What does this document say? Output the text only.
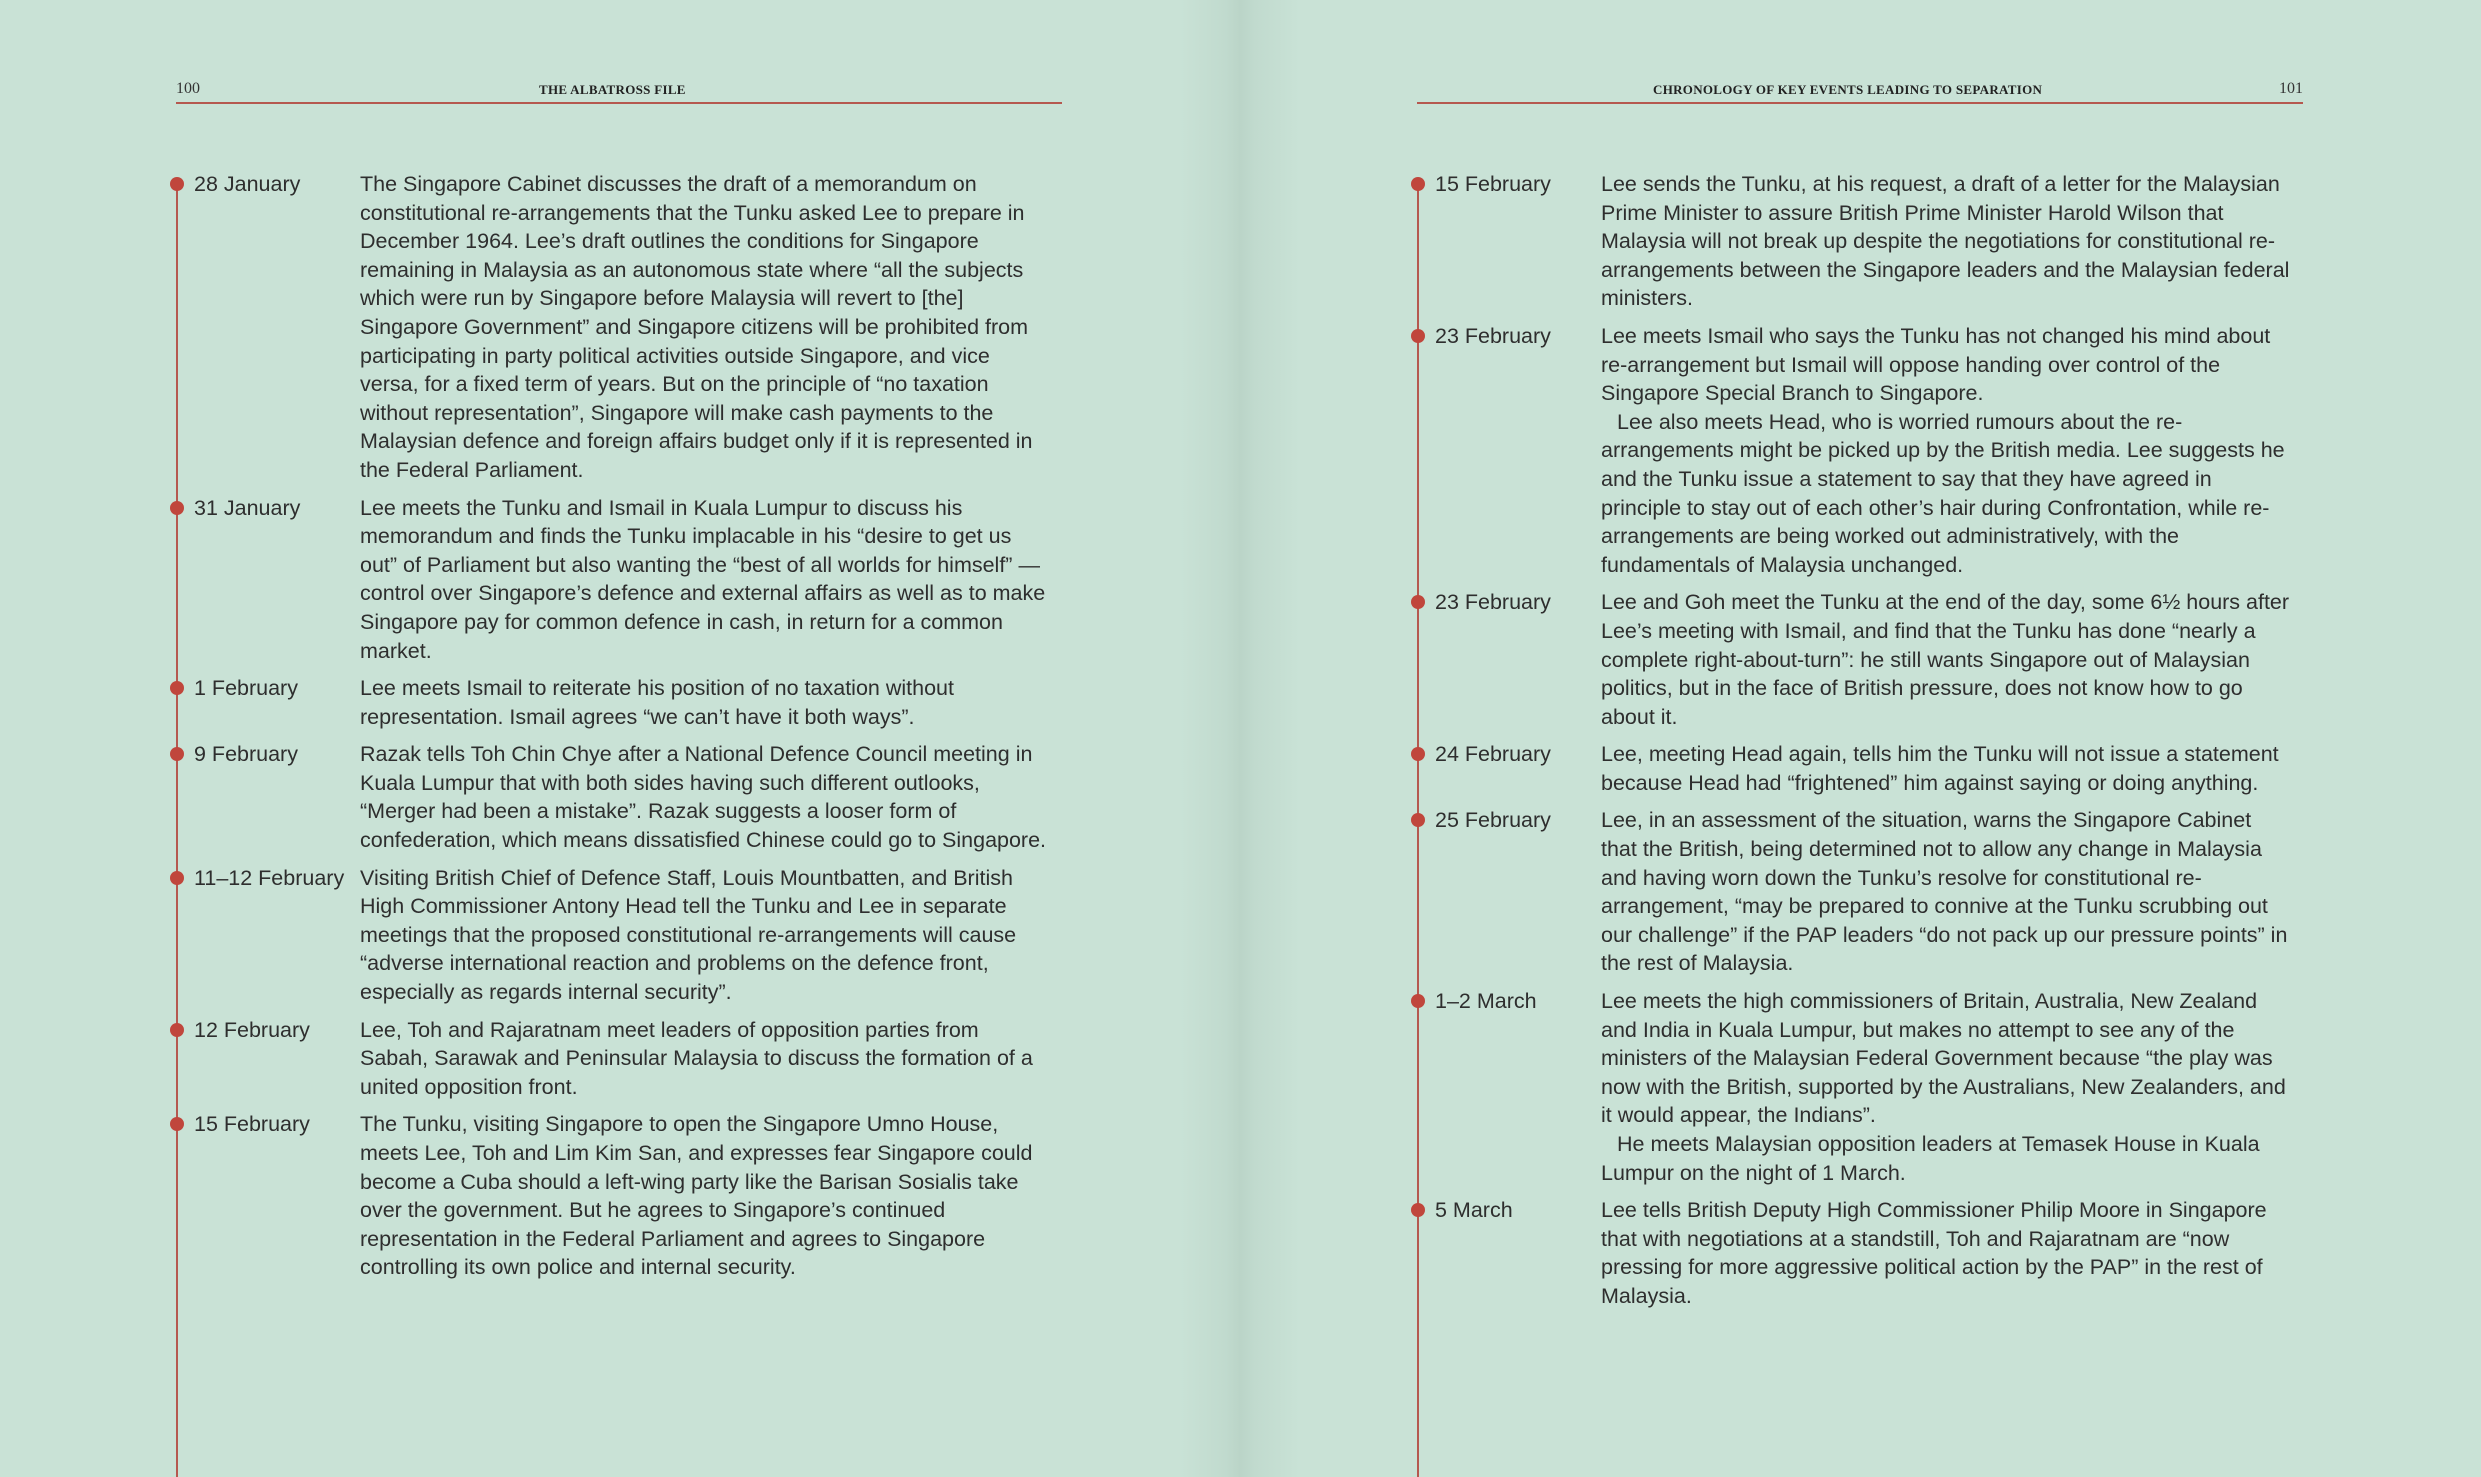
100	THE ALBATROSS FILE
28 January	The Singapore Cabinet discusses the draft of a memorandum on constitutional re-arrangements that the Tunku asked Lee to prepare in December 1964. Lee’s draft outlines the conditions for Singapore remaining in Malaysia as an autonomous state where “all the subjects which were run by Singapore before Malaysia will revert to [the] Singapore Government” and Singapore citizens will be prohibited from participating in party political activities outside Singapore, and vice versa, for a fixed term of years. But on the principle of “no taxation without representation”, Singapore will make cash payments to the Malaysian defence and foreign affairs budget only if it is represented in the Federal Parliament.

31 January	Lee meets the Tunku and Ismail in Kuala Lumpur to discuss his memorandum and finds the Tunku implacable in his “desire to get us out” of Parliament but also wanting the “best of all worlds for himself” — control over Singapore’s defence and external affairs as well as to make Singapore pay for common defence in cash, in return for a common market.

1 February	Lee meets Ismail to reiterate his position of no taxation without representation. Ismail agrees “we can’t have it both ways”.

9 February	Razak tells Toh Chin Chye after a National Defence Council meeting in Kuala Lumpur that with both sides having such different outlooks, “Merger had been a mistake”. Razak suggests a looser form of confederation, which means dissatisfied Chinese could go to Singapore.

11–12 February Visiting British Chief of Defence Staff, Louis Mountbatten, and British High Commissioner Antony Head tell the Tunku and Lee in separate meetings that the proposed constitutional re-arrangements will cause “adverse international reaction and problems on the defence front, especially as regards internal security”.

12 February	Lee, Toh and Rajaratnam meet leaders of opposition parties from Sabah, Sarawak and Peninsular Malaysia to discuss the formation of a united opposition front.

15 February	The Tunku, visiting Singapore to open the Singapore Umno House, meets Lee, Toh and Lim Kim San, and expresses fear Singapore could become a Cuba should a left-wing party like the Barisan Sosialis take over the government. But he agrees to Singapore’s continued representation in the Federal Parliament and agrees to Singapore controlling its own police and internal security.

CHRONOLOGY OF KEY EVENTS LEADING TO SEPARATION	101
15 February	Lee sends the Tunku, at his request, a draft of a letter for the Malaysian Prime Minister to assure British Prime Minister Harold Wilson that Malaysia will not break up despite the negotiations for constitutional re-arrangements between the Singapore leaders and the Malaysian federal ministers.

23 February	Lee meets Ismail who says the Tunku has not changed his mind about re-arrangement but Ismail will oppose handing over control of the Singapore Special Branch to Singapore.

Lee also meets Head, who is worried rumours about the re-arrangements might be picked up by the British media. Lee suggests he and the Tunku issue a statement to say that they have agreed in principle to stay out of each other’s hair during Confrontation, while re-arrangements are being worked out administratively, with the fundamentals of Malaysia unchanged.

23 February	Lee and Goh meet the Tunku at the end of the day, some 6½ hours after Lee’s meeting with Ismail, and find that the Tunku has done “nearly a complete right-about-turn”: he still wants Singapore out of Malaysian politics, but in the face of British pressure, does not know how to go about it.

24 February	Lee, meeting Head again, tells him the Tunku will not issue a statement because Head had “frightened” him against saying or doing anything.

25 February	Lee, in an assessment of the situation, warns the Singapore Cabinet that the British, being determined not to allow any change in Malaysia and having worn down the Tunku’s resolve for constitutional re-arrangement, “may be prepared to connive at the Tunku scrubbing out our challenge” if the PAP leaders “do not pack up our pressure points” in the rest of Malaysia.

1–2 March	Lee meets the high commissioners of Britain, Australia, New Zealand and India in Kuala Lumpur, but makes no attempt to see any of the ministers of the Malaysian Federal Government because “the play was now with the British, supported by the Australians, New Zealanders, and it would appear, the Indians”.

He meets Malaysian opposition leaders at Temasek House in Kuala Lumpur on the night of 1 March.

5 March	Lee tells British Deputy High Commissioner Philip Moore in Singapore that with negotiations at a standstill, Toh and Rajaratnam are “now pressing for more aggressive political action by the PAP” in the rest of Malaysia.
